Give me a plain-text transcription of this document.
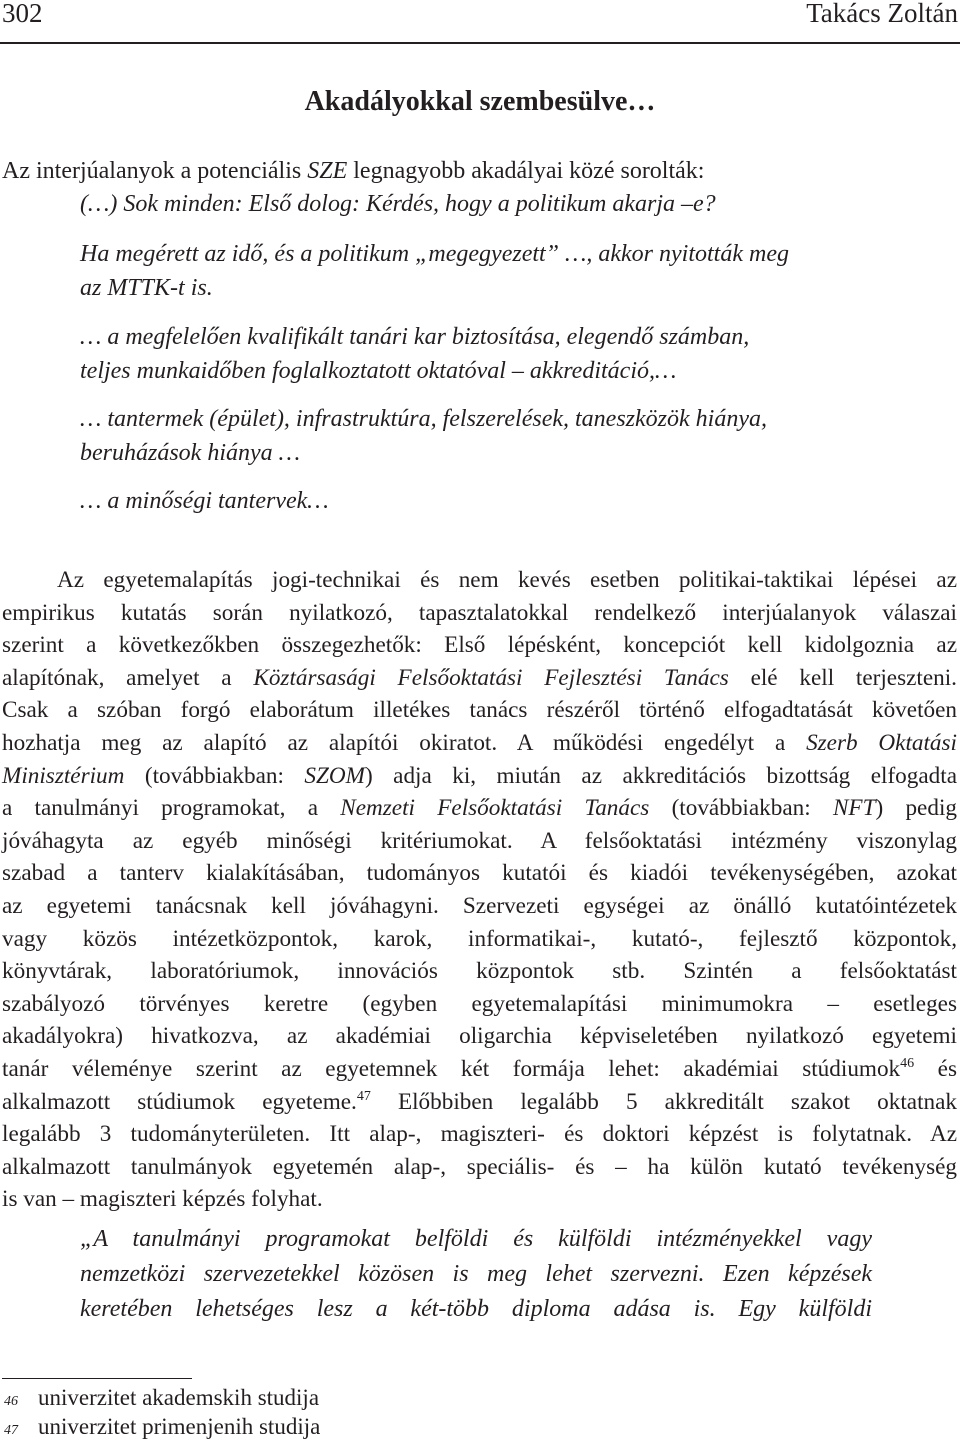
302	Takács Zoltán
Akadályokkal szembesülve…
Az interjúalanyok a potenciális SZE legnagyobb akadályai közé sorolták:
(…) Sok minden: Első dolog: Kérdés, hogy a politikum akarja –e?
Ha megérett az idő, és a politikum „megegyezett” …, akkor nyitották meg
az MTTK-t is.
… a megfelelően kvalifikált tanári kar biztosítása, elegendő számban,
teljes munkaidőben foglalkoztatott oktatóval – akkreditáció,…
… tantermek (épület), infrastruktúra, felszerelések, taneszközök hiánya,
beruházások hiánya …
… a minőségi tantervek…
Az egyetemalapítás jogi-technikai és nem kevés esetben politikai-taktikai lépései az
empirikus kutatás során nyilatkozó, tapasztalatokkal rendelkező interjúalanyok válaszai
szerint a következőkben összegezhetők: Első lépésként, koncepciót kell kidolgoznia az
alapítónak, amelyet a Köztársasági Felsőoktatási Fejlesztési Tanács elé kell terjeszteni.
Csak a szóban forgó elaborátum illetékes tanács részéről történő elfogadtatását követően
hozhatja meg az alapító az alapítói okiratot. A működési engedélyt a Szerb Oktatási
Minisztérium (továbbiakban: SZOM) adja ki, miután az akkreditációs bizottság elfogadta
a tanulmányi programokat, a Nemzeti Felsőoktatási Tanács (továbbiakban: NFT) pedig
jóváhagyta az egyéb minőségi kritériumokat. A felsőoktatási intézmény viszonylag
szabad a tanterv kialakításában, tudományos kutatói és kiadói tevékenységében, azokat
az egyetemi tanácsnak kell jóváhagyni. Szervezeti egységei az önálló kutatóintézetek
vagy közös intézetközpontok, karok, informatikai-, kutató-, fejlesztő központok,
könyvtárak, laboratóriumok, innovációs központok stb. Szintén a felsőoktatást
szabályozó törvényes keretre (egyben egyetemalapítási minimumokra – esetleges
akadályokra) hivatkozva, az akadémiai oligarchia képviseletében nyilatkozó egyetemi
tanár véleménye szerint az egyetemnek két formája lehet: akadémiai stúdiumok$^{46}$ és
alkalmazott stúdiumok egyeteme.$^{47}$ Előbbiben legalább 5 akkreditált szakot oktatnak
legalább 3 tudományterületen. Itt alap-, magiszteri- és doktori képzést is folytatnak. Az
alkalmazott tanulmányok egyetemén alap-, speciális- és – ha külön kutató tevékenység
is van – magiszteri képzés folyhat.
„A tanulmányi programokat belföldi és külföldi intézményekkel vagy
nemzetközi szervezetekkel közösen is meg lehet szervezni. Ezen képzések
keretében lehetséges lesz a két-több diploma adása is. Egy külföldi
46 univerzitet akademskih studija
47 univerzitet primenjenih studija
